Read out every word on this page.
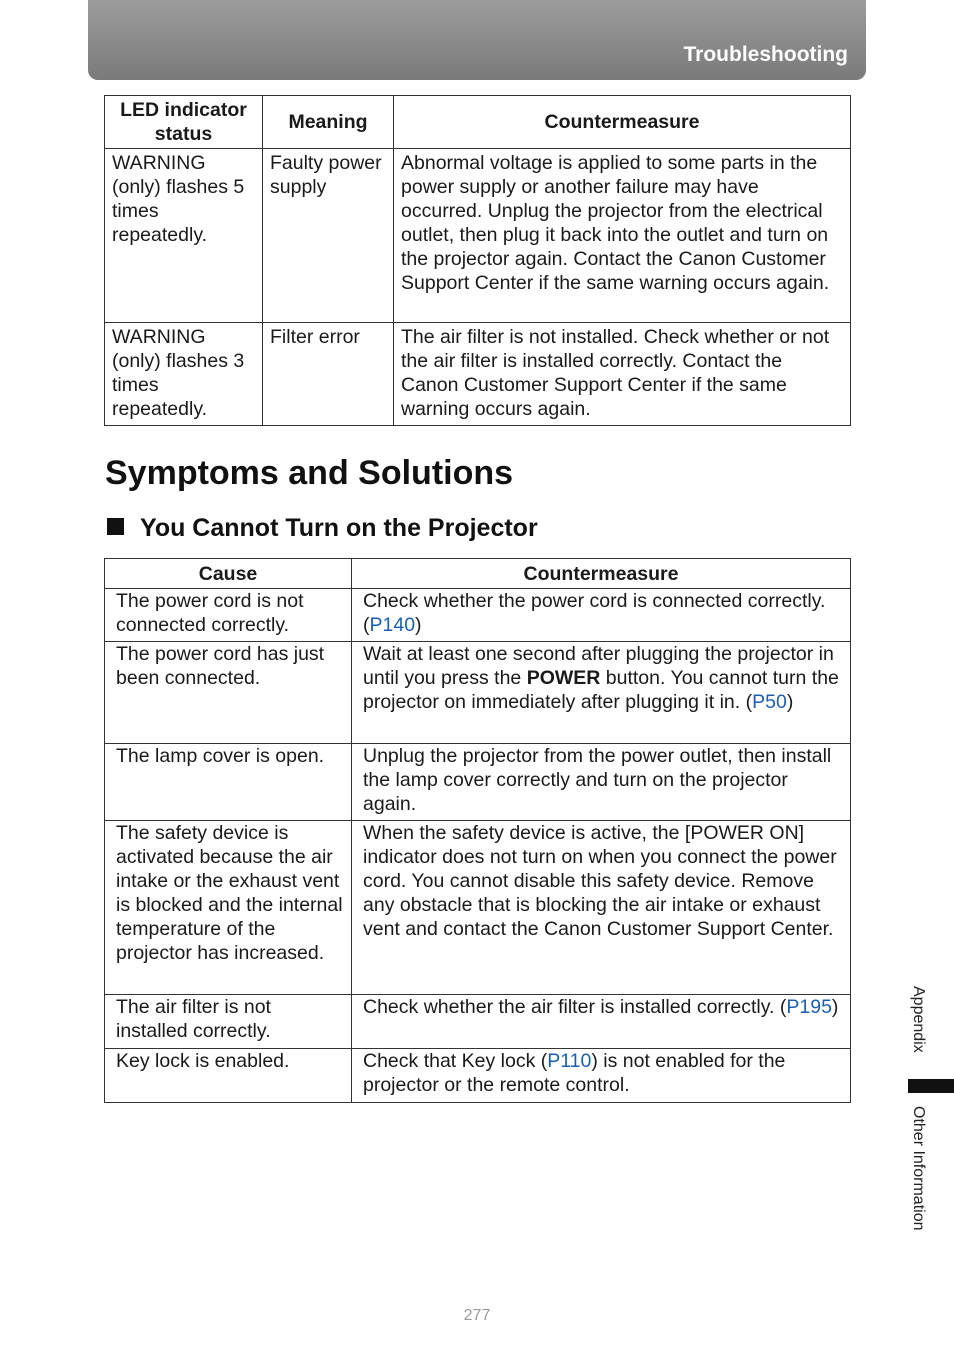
Troubleshooting
LED indicator status	Meaning	Countermeasure
WARNING (only) flashes 5 times repeatedly.	Faulty power supply	Abnormal voltage is applied to some parts in the power supply or another failure may have occurred. Unplug the projector from the electrical outlet, then plug it back into the outlet and turn on the projector again. Contact the Canon Customer Support Center if the same warning occurs again.
WARNING (only) flashes 3 times repeatedly.	Filter error	The air filter is not installed. Check whether or not the air filter is installed correctly. Contact the Canon Customer Support Center if the same warning occurs again.
Symptoms and Solutions
You Cannot Turn on the Projector
Cause	Countermeasure
The power cord is not connected correctly.	Check whether the power cord is connected correctly. (P140)
The power cord has just been connected.	Wait at least one second after plugging the projector in until you press the POWER button. You cannot turn the projector on immediately after plugging it in. (P50)
The lamp cover is open.	Unplug the projector from the power outlet, then install the lamp cover correctly and turn on the projector again.
The safety device is activated because the air intake or the exhaust vent is blocked and the internal temperature of the projector has increased.	When the safety device is active, the [POWER ON] indicator does not turn on when you connect the power cord. You cannot disable this safety device. Remove any obstacle that is blocking the air intake or exhaust vent and contact the Canon Customer Support Center.
The air filter is not installed correctly.	Check whether the air filter is installed correctly. (P195)
Key lock is enabled.	Check that Key lock (P110) is not enabled for the projector or the remote control.
Appendix
Other Information
277
